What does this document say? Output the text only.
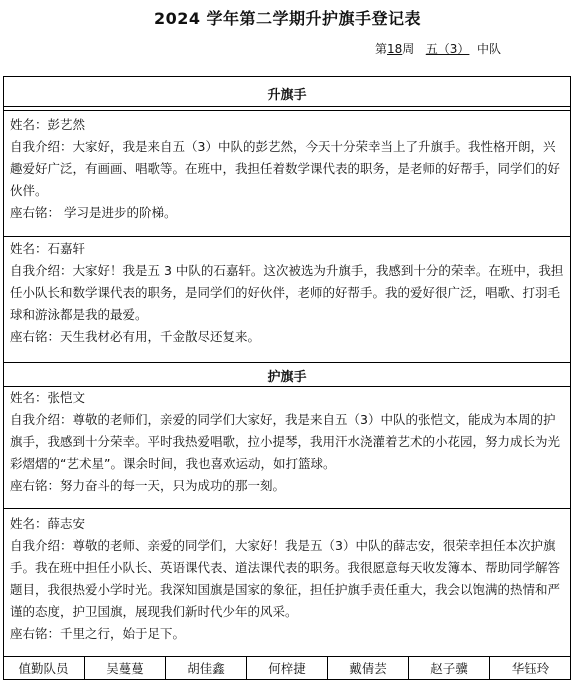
2024 学年第二学期升护旗手登记表
第18周 五（3） 中队
升旗手

姓名：彭艺然

自我介绍：大家好，我是来自五（3）中队的彭艺然，今天十分荣幸当上了升旗手。我性格开朗，兴趣爱好广泛，有画画、唱歌等。在班中，我担任着数学课代表的职务，是老师的好帮手，同学们的好伙伴。

座右铭： 学习是进步的阶梯。

姓名：石嘉轩

自我介绍：大家好！我是五 3 中队的石嘉轩。这次被选为升旗手，我感到十分的荣幸。在班中，我担任小队长和数学课代表的职务，是同学们的好伙伴，老师的好帮手。我的爱好很广泛，唱歌、打羽毛球和游泳都是我的最爱。

座右铭：天生我材必有用，千金散尽还复来。

护旗手

姓名：张恺文

自我介绍：尊敬的老师们，亲爱的同学们大家好，我是来自五（3）中队的张恺文，能成为本周的护旗手，我感到十分荣幸。平时我热爱唱歌，拉小提琴，我用汗水浇灌着艺术的小花园，努力成长为光彩熠熠的“艺术星”。课余时间，我也喜欢运动，如打篮球。

座右铭：努力奋斗的每一天，只为成功的那一刻。

姓名：薛志安

自我介绍：尊敬的老师、亲爱的同学们，大家好！我是五（3）中队的薛志安，很荣幸担任本次护旗手。我在班中担任小队长、英语课代表、道法课代表的职务。我很愿意每天收发簿本、帮助同学解答题目，我很热爱小学时光。我深知国旗是国家的象征，担任护旗手责任重大，我会以饱满的热情和严谨的态度，护卫国旗，展现我们新时代少年的风采。

座右铭：千里之行，始于足下。

值勤队员	吴蔓蔓	胡佳鑫	何梓捷	戴倩芸	赵子骥	华钰玲
